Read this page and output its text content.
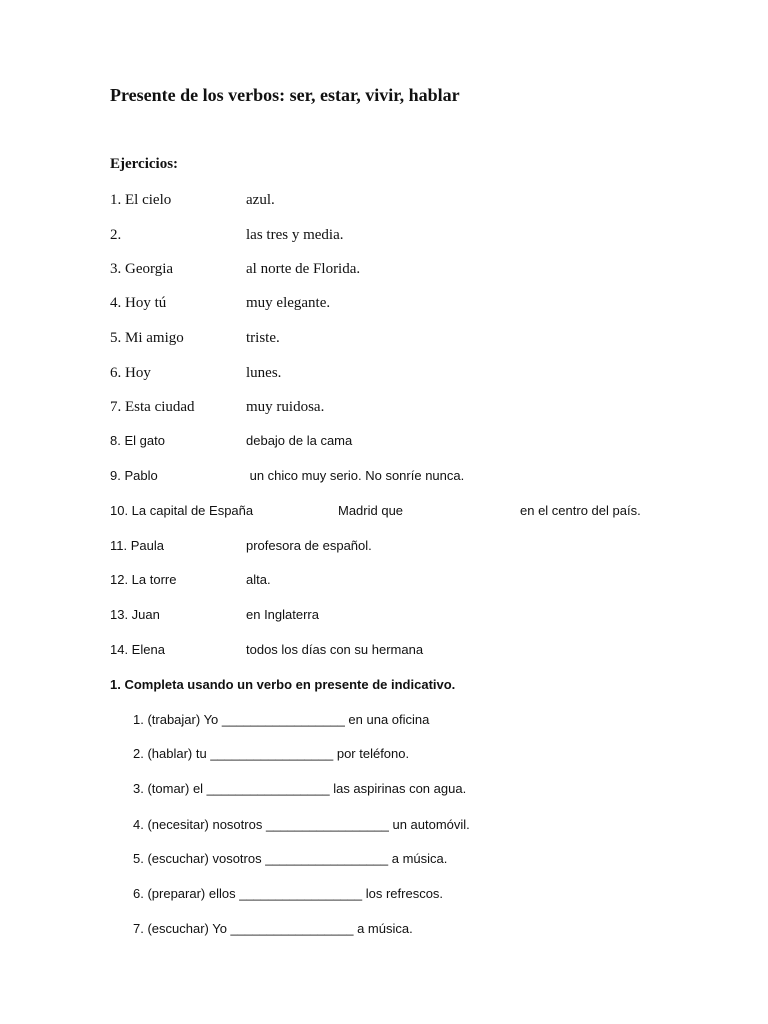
Presente de los verbos: ser, estar, vivir, hablar
Ejercicios:
1. El cielo	azul.
2.	las tres y media.
3. Georgia	al norte de Florida.
4. Hoy tú	muy elegante.
5. Mi amigo	triste.
6. Hoy	lunes.
7. Esta ciudad	muy ruidosa.
8. El gato	debajo de la cama
9. Pablo	un chico muy serio. No sonríe nunca.
10. La capital de España	Madrid que	en el centro del país.
11. Paula	profesora de español.
12. La torre	alta.
13. Juan	en Inglaterra
14. Elena	todos los días con su hermana
1. Completa usando un verbo en presente de indicativo.
1. (trabajar) Yo _________________ en una oficina
2. (hablar) tu _________________ por teléfono.
3. (tomar) el _________________ las aspirinas con agua.
4. (necesitar) nosotros _________________ un automóvil.
5. (escuchar) vosotros _________________ a música.
6. (preparar) ellos _________________ los refrescos.
7. (escuchar) Yo _________________ a música.
